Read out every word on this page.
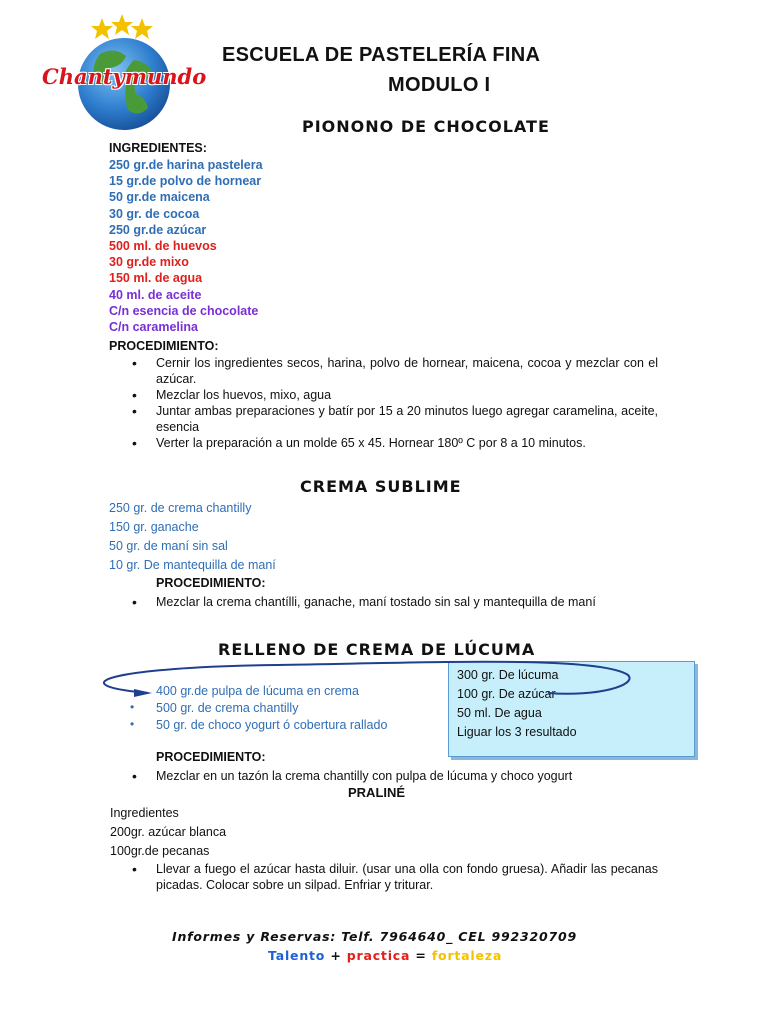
Chantymundo
ESCUELA DE PASTELERÍA FINA
MODULO I
PIONONO DE CHOCOLATE
INGREDIENTES:

250 gr.de harina pastelera

15 gr.de polvo de hornear

50 gr.de maicena

30 gr. de cocoa

250 gr.de azúcar

500 ml. de huevos

30 gr.de mixo

150 ml. de agua

40 ml. de aceite

C/n esencia de chocolate

C/n caramelina

PROCEDIMIENTO:
• Cernir los ingredientes secos, harina, polvo de hornear, maicena, cocoa y mezclar con el azúcar.
• Mezclar los huevos, mixo, agua
• Juntar ambas preparaciones y batír por 15 a 20 minutos luego agregar caramelina, aceite, esencia
• Verter la preparación a un molde 65 x 45. Hornear 180º C por 8 a 10 minutos.
CREMA SUBLIME
250 gr. de crema chantilly
150 gr. ganache
50 gr. de maní sin sal
10 gr. De mantequilla de maní
PROCEDIMIENTO:
• Mezclar la crema chantílli, ganache, maní tostado sin sal y mantequilla de maní
RELLENO DE CREMA DE LÚCUMA
300 gr. De lúcuma
100 gr. De azúcar
50 ml. De agua
Liguar los 3 resultado
400 gr.de pulpa de lúcuma en crema
500 gr. de crema chantilly
50 gr. de choco yogurt ó cobertura rallado
•
•
PROCEDIMIENTO:
• Mezclar en un tazón la crema chantilly con pulpa de lúcuma y choco yogurt
PRALINÉ
Ingredientes
200gr. azúcar blanca
100gr.de pecanas
• Llevar a fuego el azúcar hasta diluir. (usar una olla con fondo gruesa). Añadir las pecanas picadas. Colocar sobre un silpad. Enfriar y triturar.
Informes y Reservas: Telf. 7964640_ CEL 992320709
Talento + practica = fortaleza
